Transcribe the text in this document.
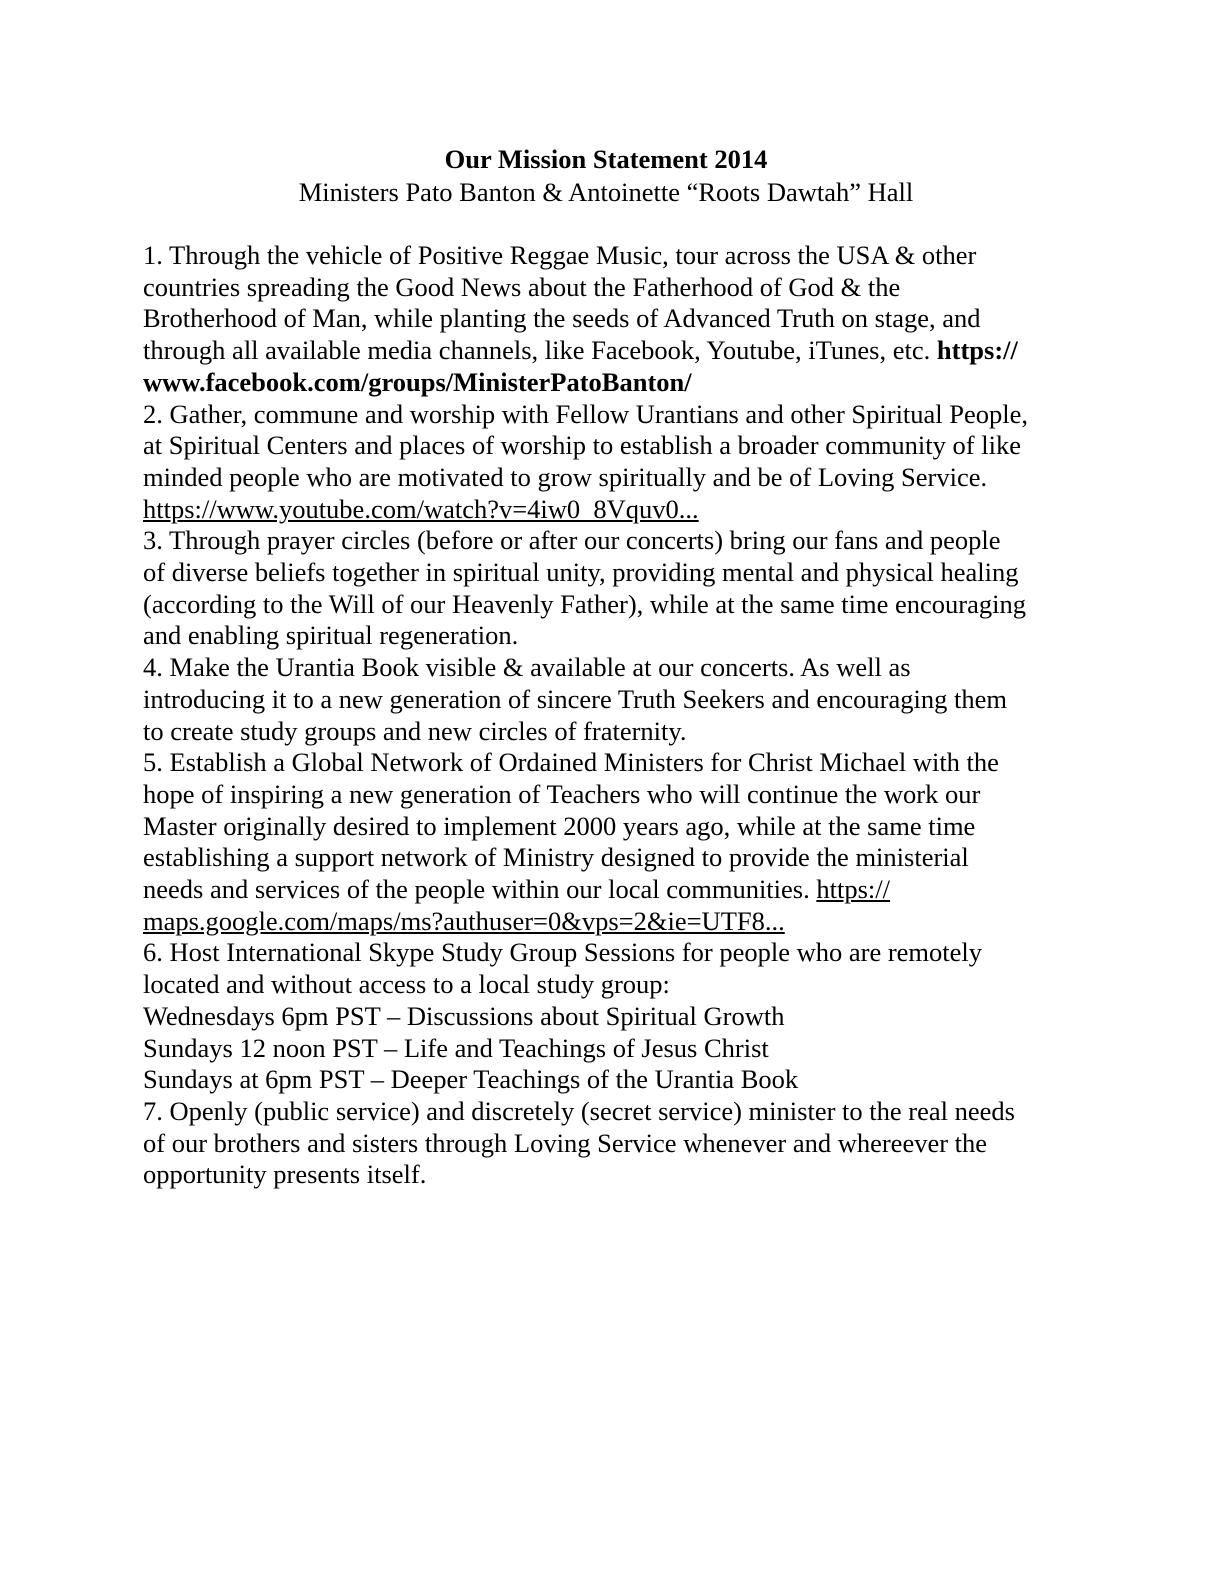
Our Mission Statement 2014

Ministers Pato Banton & Antoinette “Roots Dawtah” Hall

1. Through the vehicle of Positive Reggae Music, tour across the USA & other
countries spreading the Good News about the Fatherhood of God & the
Brotherhood of Man, while planting the seeds of Advanced Truth on stage, and
through all available media channels, like Facebook, Youtube, iTunes, etc. https://
www.facebook.com/groups/MinisterPatoBanton/
2. Gather, commune and worship with Fellow Urantians and other Spiritual People,
at Spiritual Centers and places of worship to establish a broader community of like
minded people who are motivated to grow spiritually and be of Loving Service.
https://www.youtube.com/watch?v=4iw0_8Vquv0...
3. Through prayer circles (before or after our concerts) bring our fans and people
of diverse beliefs together in spiritual unity, providing mental and physical healing
(according to the Will of our Heavenly Father), while at the same time encouraging
and enabling spiritual regeneration.
4. Make the Urantia Book visible & available at our concerts. As well as
introducing it to a new generation of sincere Truth Seekers and encouraging them
to create study groups and new circles of fraternity.
5. Establish a Global Network of Ordained Ministers for Christ Michael with the
hope of inspiring a new generation of Teachers who will continue the work our
Master originally desired to implement 2000 years ago, while at the same time
establishing a support network of Ministry designed to provide the ministerial
needs and services of the people within our local communities. https://
maps.google.com/maps/ms?authuser=0&vps=2&ie=UTF8...
6. Host International Skype Study Group Sessions for people who are remotely
located and without access to a local study group:
Wednesdays 6pm PST – Discussions about Spiritual Growth
Sundays 12 noon PST – Life and Teachings of Jesus Christ
Sundays at 6pm PST – Deeper Teachings of the Urantia Book
7. Openly (public service) and discretely (secret service) minister to the real needs
of our brothers and sisters through Loving Service whenever and whereever the
opportunity presents itself.
